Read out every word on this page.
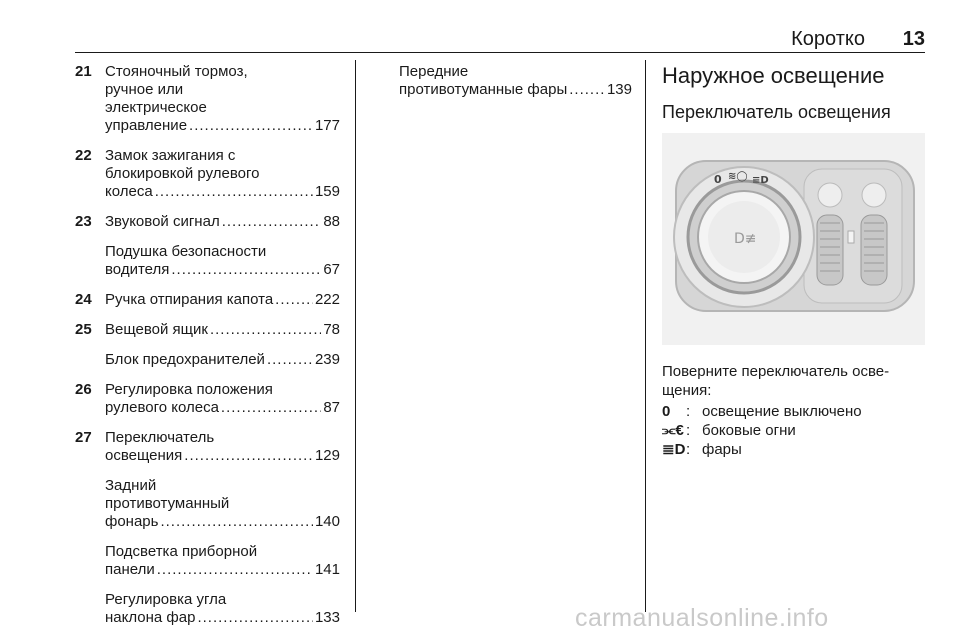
Коротко 13
21 Стояночный тормоз,
ручное или
электрическое
управление .....	177
22 Замок зажигания с
блокировкой рулевого
колеса .....	159
23 Звуковой сигнал .....	88
Подушка безопасности
водителя .....	67
24 Ручка отпирания капота .....	222
25 Вещевой ящик .....	78
Блок предохранителей .....	239
26 Регулировка положения
рулевого колеса .....	87
27 Переключатель
освещения .....	129
Задний
противотуманный
фонарь .....	140
Подсветка приборной
панели .....	141
Регулировка угла
наклона фар .....	133
Передние
противотуманные фары .....	139
Наружное освещение
Переключатель освещения
D≢
0 ≋◯ ≡D
Поверните переключатель осве-
щения:
0	: освещение выключено
⫘€ : боковые огни
≣D : фары
carmanualsonline.info
